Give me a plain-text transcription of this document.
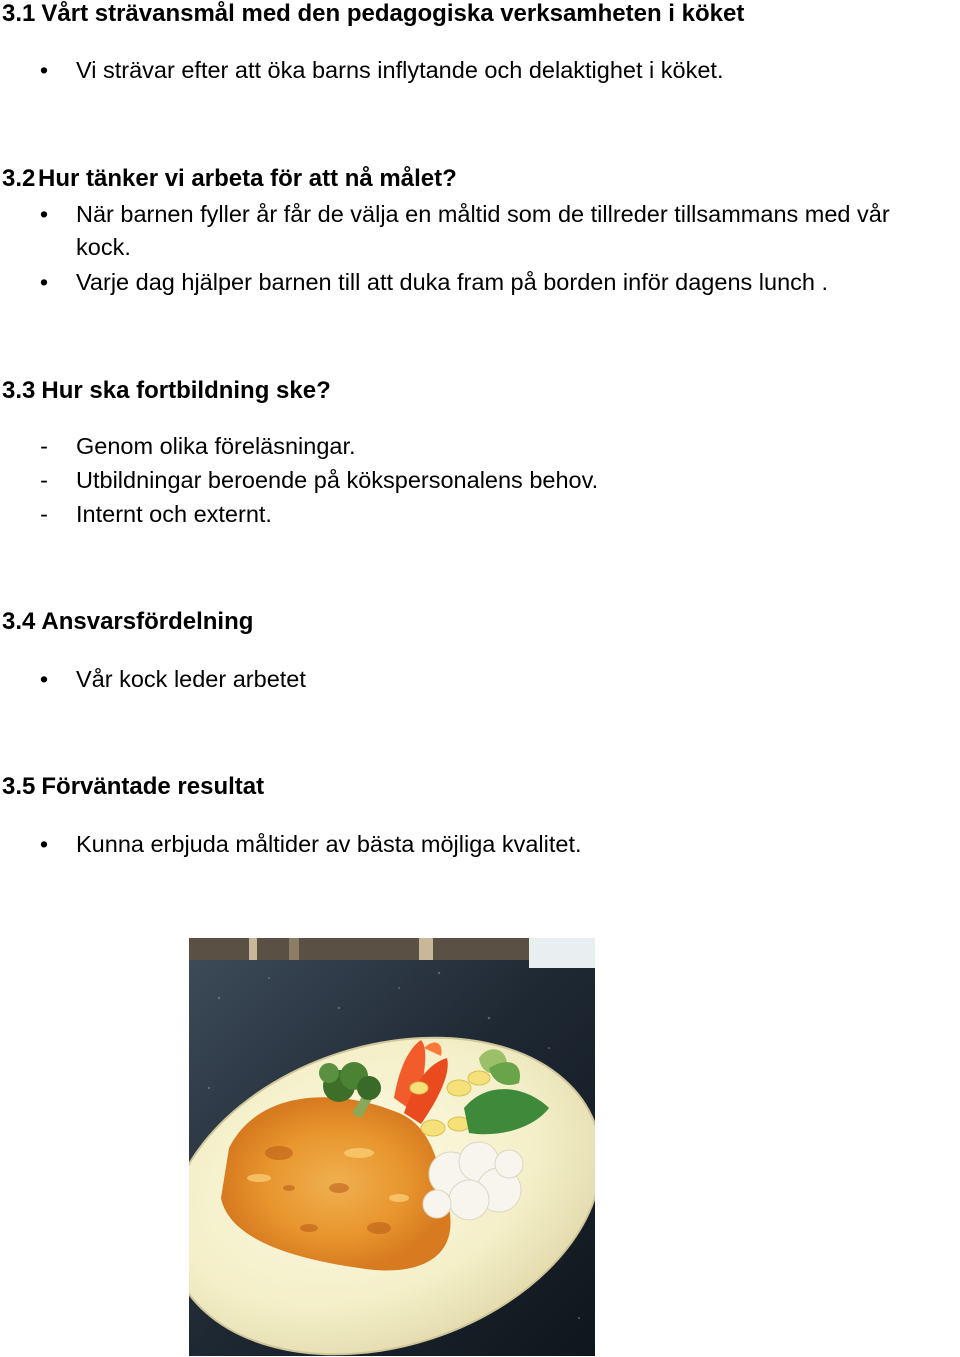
3.1 Vårt strävansmål med den pedagogiska verksamheten i köket
• Vi strävar efter att öka barns inflytande och delaktighet i köket.
3.2 Hur tänker vi arbeta för att nå målet?
• När barnen fyller år får de välja en måltid som de tillreder tillsammans med vår
kock.
• Varje dag hjälper barnen till att duka fram på borden inför dagens lunch .
3.3 Hur ska fortbildning ske?
- Genom olika föreläsningar.
- Utbildningar beroende på kökspersonalens behov.
- Internt och externt.
3.4 Ansvarsfördelning
• Vår kock leder arbetet
3.5 Förväntade resultat
• Kunna erbjuda måltider av bästa möjliga kvalitet.
